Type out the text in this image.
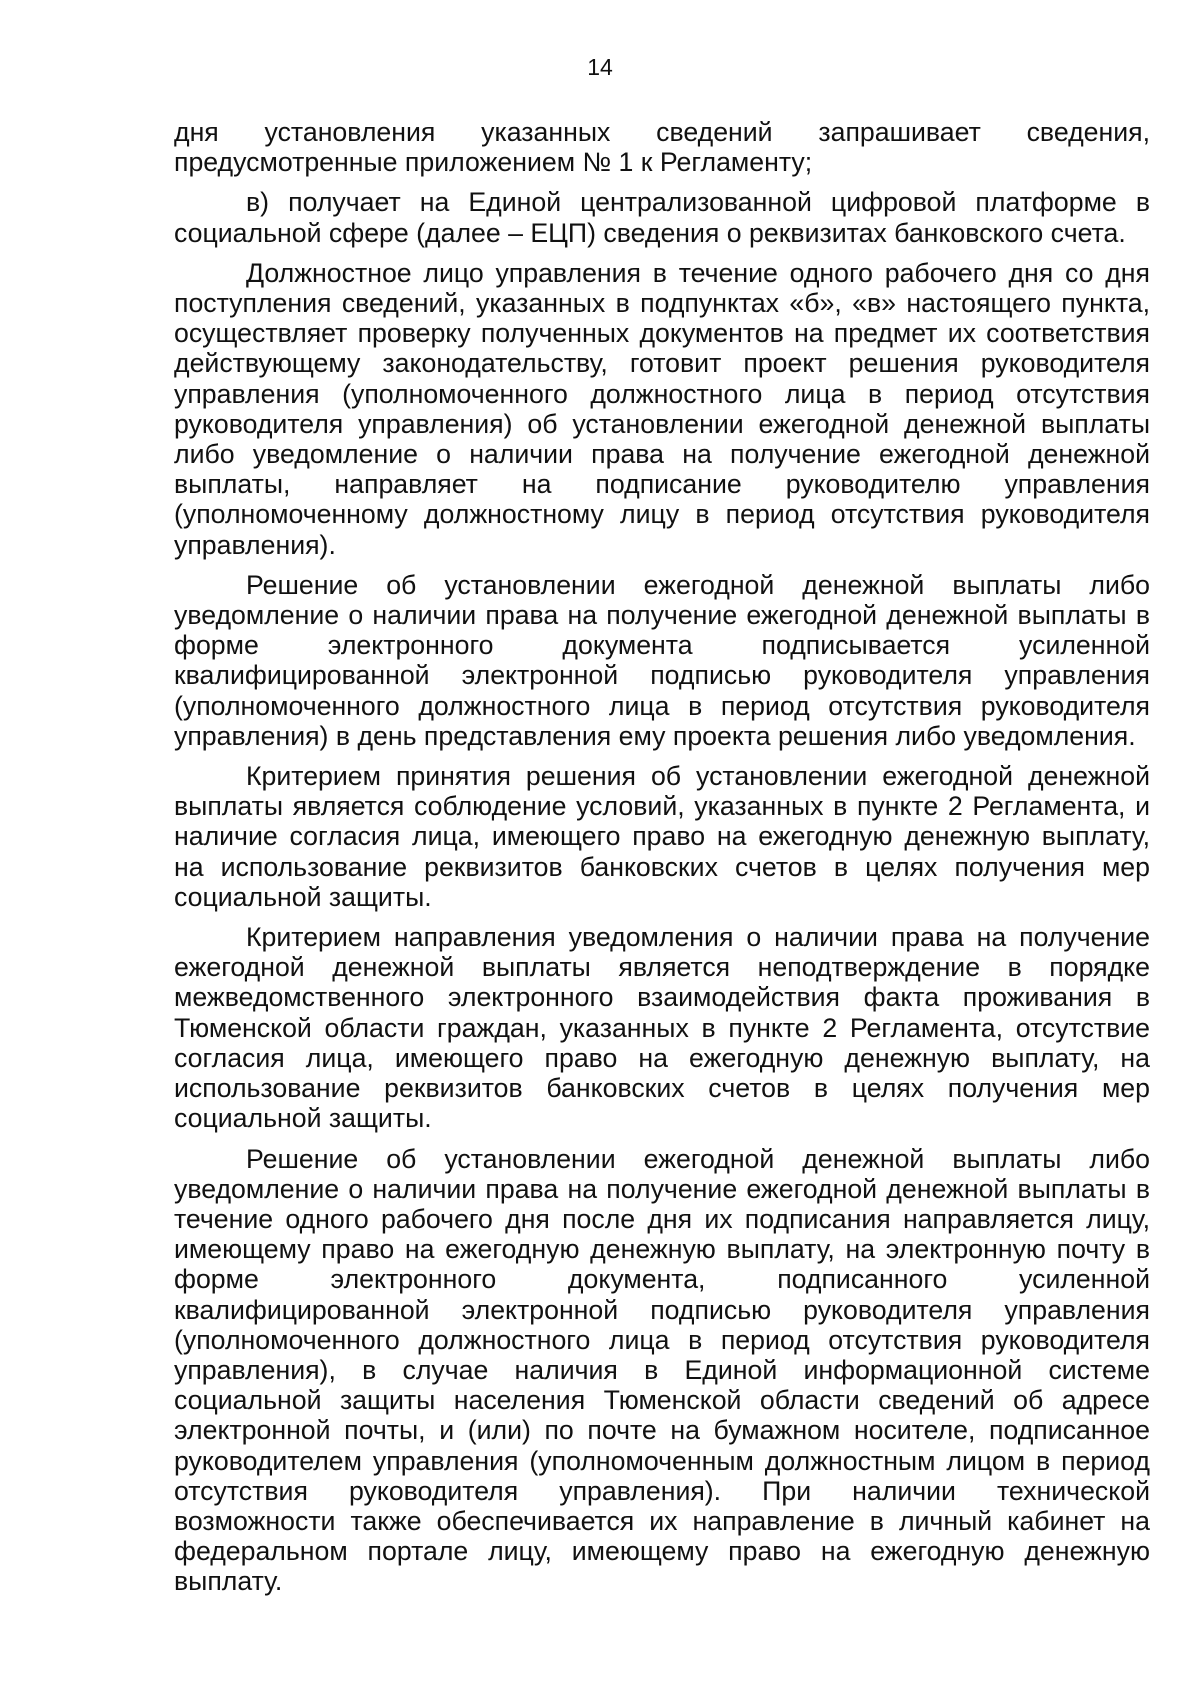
14

дня установления указанных сведений запрашивает сведения, предусмотренные приложением № 1 к Регламенту;

в) получает на Единой централизованной цифровой платформе в социальной сфере (далее – ЕЦП) сведения о реквизитах банковского счета.

Должностное лицо управления в течение одного рабочего дня со дня поступления сведений, указанных в подпунктах «б», «в» настоящего пункта, осуществляет проверку полученных документов на предмет их соответствия действующему законодательству, готовит проект решения руководителя управления (уполномоченного должностного лица в период отсутствия руководителя управления) об установлении ежегодной денежной выплаты либо уведомление о наличии права на получение ежегодной денежной выплаты, направляет на подписание руководителю управления (уполномоченному должностному лицу в период отсутствия руководителя управления).

Решение об установлении ежегодной денежной выплаты либо уведомление о наличии права на получение ежегодной денежной выплаты в форме электронного документа подписывается усиленной квалифицированной электронной подписью руководителя управления (уполномоченного должностного лица в период отсутствия руководителя управления) в день представления ему проекта решения либо уведомления.

Критерием принятия решения об установлении ежегодной денежной выплаты является соблюдение условий, указанных в пункте 2 Регламента, и наличие согласия лица, имеющего право на ежегодную денежную выплату, на использование реквизитов банковских счетов в целях получения мер социальной защиты.

Критерием направления уведомления о наличии права на получение ежегодной денежной выплаты является неподтверждение в порядке межведомственного электронного взаимодействия факта проживания в Тюменской области граждан, указанных в пункте 2 Регламента, отсутствие согласия лица, имеющего право на ежегодную денежную выплату, на использование реквизитов банковских счетов в целях получения мер социальной защиты.

Решение об установлении ежегодной денежной выплаты либо уведомление о наличии права на получение ежегодной денежной выплаты в течение одного рабочего дня после дня их подписания направляется лицу, имеющему право на ежегодную денежную выплату, на электронную почту в форме электронного документа, подписанного усиленной квалифицированной электронной подписью руководителя управления (уполномоченного должностного лица в период отсутствия руководителя управления), в случае наличия в Единой информационной системе социальной защиты населения Тюменской области сведений об адресе электронной почты, и (или) по почте на бумажном носителе, подписанное руководителем управления (уполномоченным должностным лицом в период отсутствия руководителя управления). При наличии технической возможности также обеспечивается их направление в личный кабинет на федеральном портале лицу, имеющему право на ежегодную денежную выплату.
